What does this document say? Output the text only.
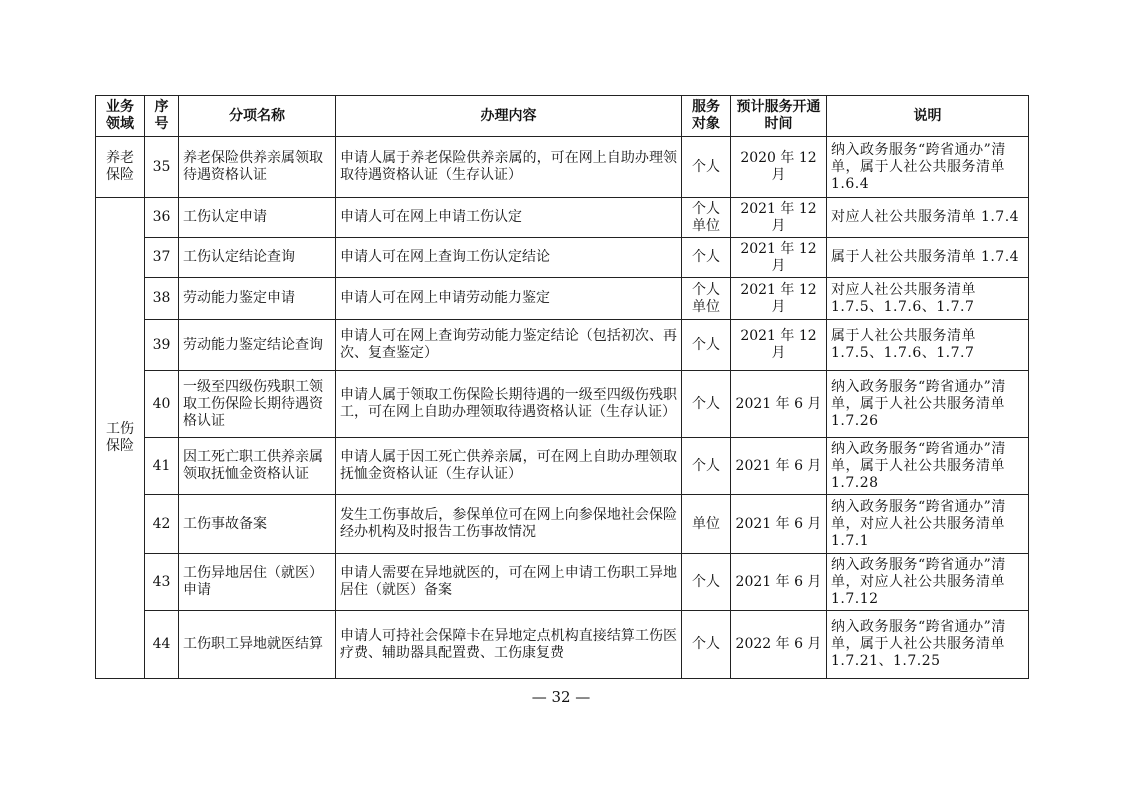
业务领域	序号	分项名称	办理内容	服务对象	预计服务开通时间	说明
养老保险	35	养老保险供养亲属领取待遇资格认证	申请人属于养老保险供养亲属的，可在网上自助办理领取待遇资格认证（生存认证）	个人	2020 年 12 月	纳入政务服务“跨省通办”清单，属于人社公共服务清单 1.6.4
工伤保险	36	工伤认定申请	申请人可在网上申请工伤认定	个人单位	2021 年 12 月	对应人社公共服务清单 1.7.4
	37	工伤认定结论查询	申请人可在网上查询工伤认定结论	个人	2021 年 12 月	属于人社公共服务清单 1.7.4
	38	劳动能力鉴定申请	申请人可在网上申请劳动能力鉴定	个人单位	2021 年 12 月	对应人社公共服务清单 1.7.5、1.7.6、1.7.7
	39	劳动能力鉴定结论查询	申请人可在网上查询劳动能力鉴定结论（包括初次、再次、复查鉴定）	个人	2021 年 12 月	属于人社公共服务清单 1.7.5、1.7.6、1.7.7
	40	一级至四级伤残职工领取工伤保险长期待遇资格认证	申请人属于领取工伤保险长期待遇的一级至四级伤残职工，可在网上自助办理领取待遇资格认证（生存认证）	个人	2021 年 6 月	纳入政务服务“跨省通办”清单，属于人社公共服务清单 1.7.26
	41	因工死亡职工供养亲属领取抚恤金资格认证	申请人属于因工死亡供养亲属，可在网上自助办理领取抚恤金资格认证（生存认证）	个人	2021 年 6 月	纳入政务服务“跨省通办”清单，属于人社公共服务清单 1.7.28
	42	工伤事故备案	发生工伤事故后，参保单位可在网上向参保地社会保险经办机构及时报告工伤事故情况	单位	2021 年 6 月	纳入政务服务“跨省通办”清单，对应人社公共服务清单 1.7.1
	43	工伤异地居住（就医）申请	申请人需要在异地就医的，可在网上申请工伤职工异地居住（就医）备案	个人	2021 年 6 月	纳入政务服务“跨省通办”清单，对应人社公共服务清单 1.7.12
	44	工伤职工异地就医结算	申请人可持社会保障卡在异地定点机构直接结算工伤医疗费、辅助器具配置费、工伤康复费	个人	2022 年 6 月	纳入政务服务“跨省通办”清单，属于人社公共服务清单 1.7.21、1.7.25
— 32 —
